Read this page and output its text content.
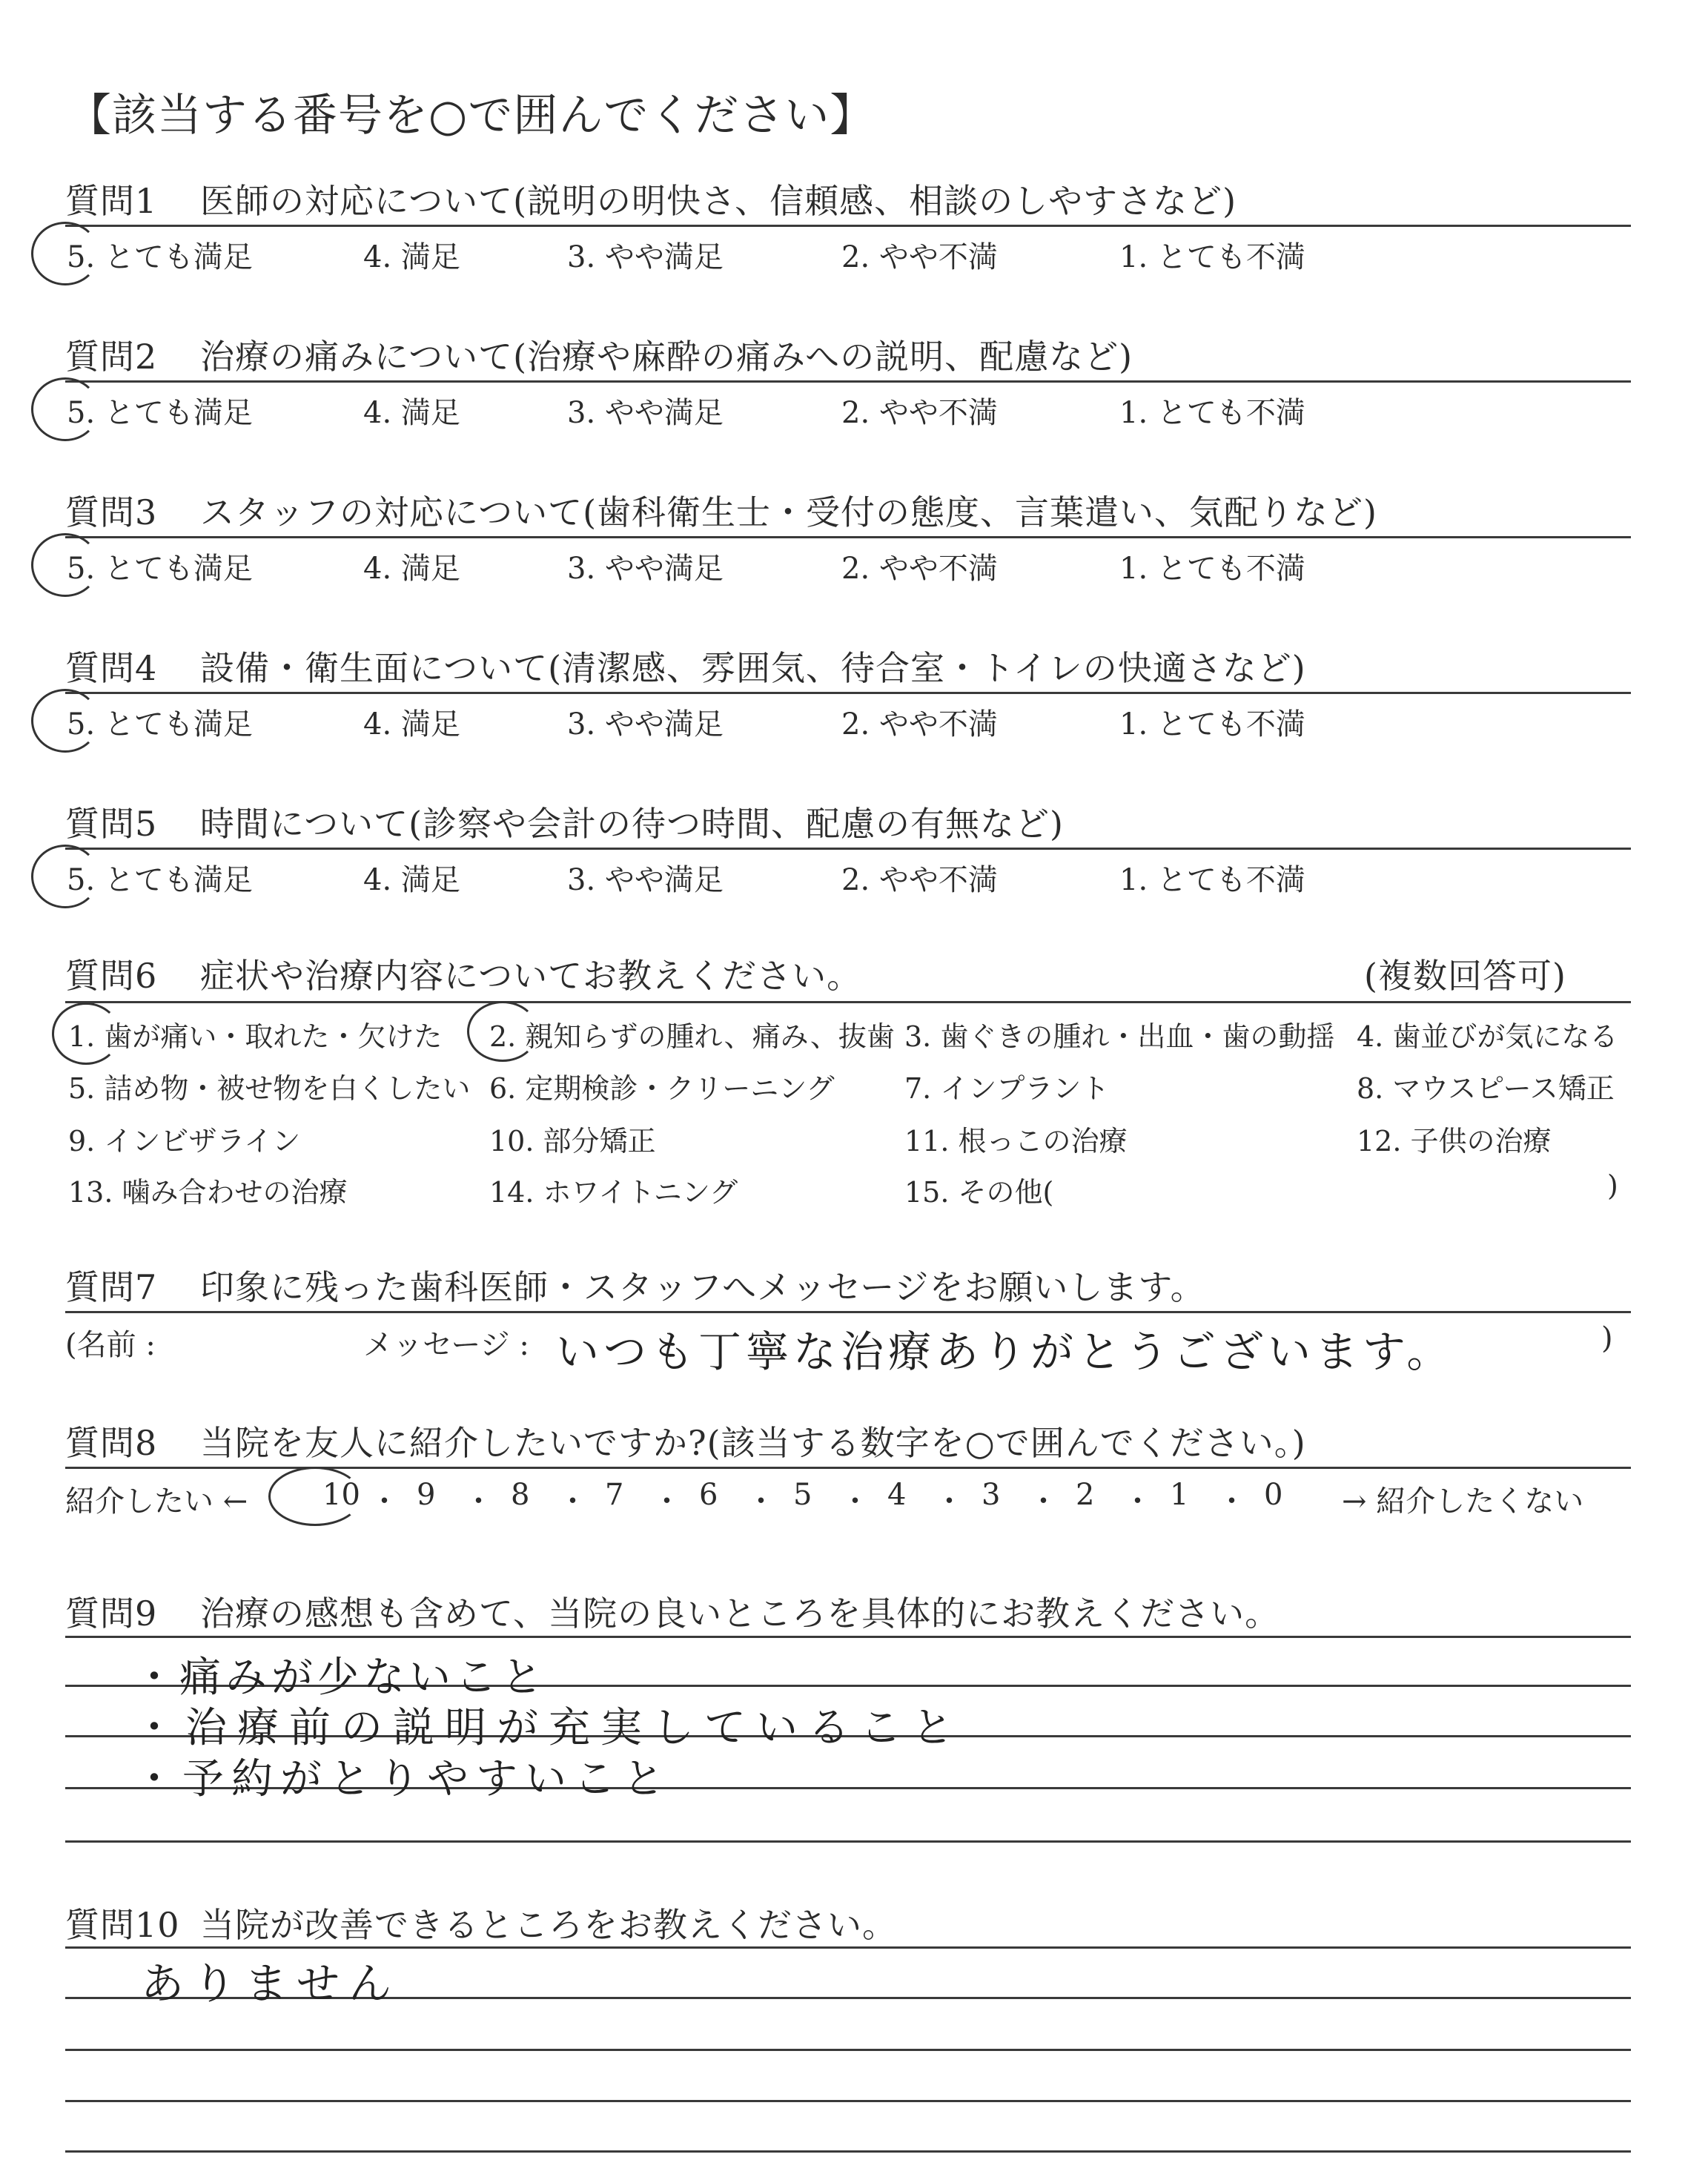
【該当する番号を○で囲んでください】
質問1 医師の対応について(説明の明快さ、信頼感、相談のしやすさなど)
5. とても満足	4. 満足	3. やや満足	2. やや不満	1. とても不満
質問2 治療の痛みについて(治療や麻酔の痛みへの説明、配慮など)
5. とても満足	4. 満足	3. やや満足	2. やや不満	1. とても不満
質問3 スタッフの対応について(歯科衛生士・受付の態度、言葉遣い、気配りなど)
5. とても満足	4. 満足	3. やや満足	2. やや不満	1. とても不満
質問4 設備・衛生面について(清潔感、雰囲気、待合室・トイレの快適さなど)
5. とても満足	4. 満足	3. やや満足	2. やや不満	1. とても不満
質問5 時間について(診察や会計の待つ時間、配慮の有無など)
5. とても満足	4. 満足	3. やや満足	2. やや不満	1. とても不満
質問6 症状や治療内容についてお教えください。	(複数回答可)
1. 歯が痛い・取れた・欠けた 2. 親知らずの腫れ、痛み、抜歯 3. 歯ぐきの腫れ・出血・歯の動揺 4. 歯並びが気になる
5. 詰め物・被せ物を白くしたい 6. 定期検診・クリーニング 7. インプラント	8. マウスピース矯正
9. インビザライン	10. 部分矯正	11. 根っこの治療	12. 子供の治療
13. 噛み合わせの治療	14. ホワイトニング	15. その他(	)
質問7 印象に残った歯科医師・スタッフへメッセージをお願いします。
(名前 :	メッセージ : いつも丁寧な治療ありがとうございます。	)
質問8 当院を友人に紹介したいですか?(該当する数字を○で囲んでください。)
紹介したい ←	10 ・ 9 ・ 8 ・ 7 ・ 6 ・ 5 ・ 4 ・ 3 ・ 2 ・ 1 ・ 0 → 紹介したくない
質問9 治療の感想も含めて、当院の良いところを具体的にお教えください。
・痛みが少ないこと
・治療前の説明が充実していること
・予約がとりやすいこと
質問10 当院が改善できるところをお教えください。
ありません
